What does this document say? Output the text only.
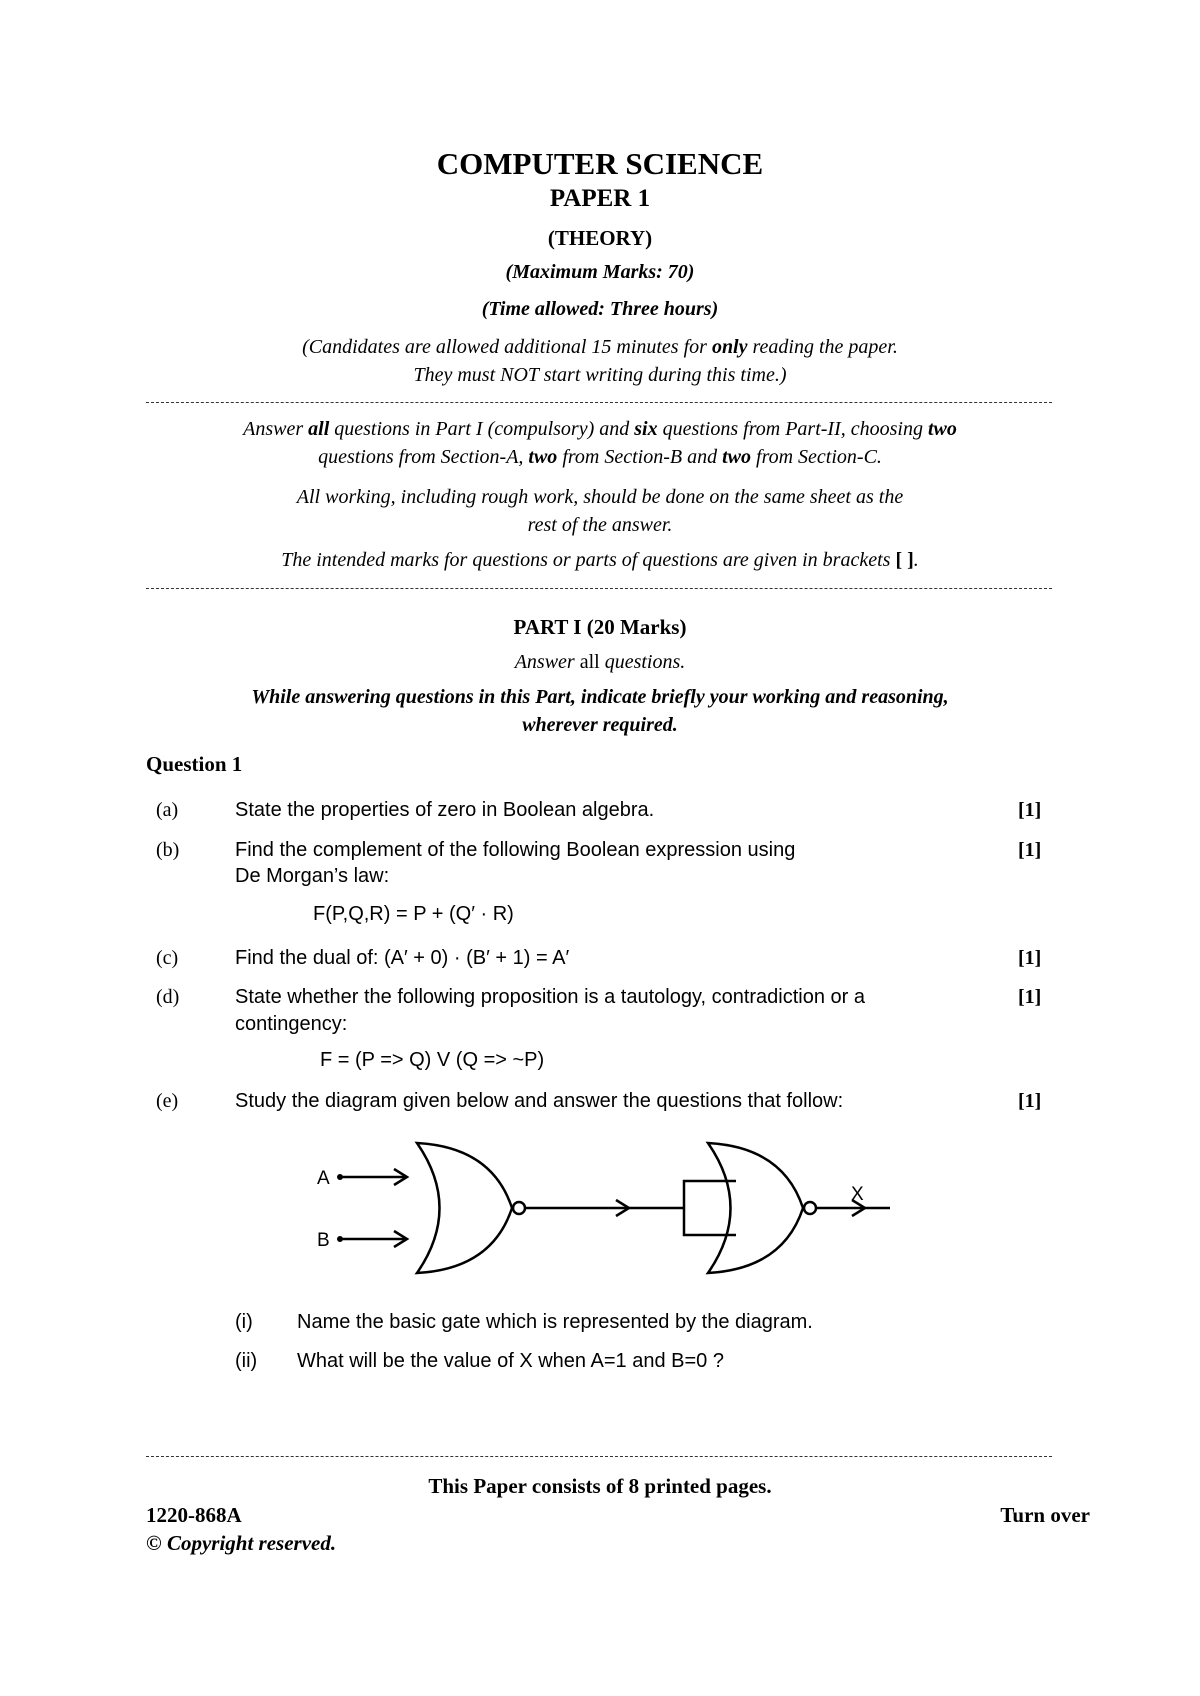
COMPUTER SCIENCE
PAPER 1
(THEORY)
(Maximum Marks: 70)
(Time allowed: Three hours)
(Candidates are allowed additional 15 minutes for only reading the paper.
They must NOT start writing during this time.)
Answer all questions in Part I (compulsory) and six questions from Part-II, choosing two
questions from Section-A, two from Section-B and two from Section-C.
All working, including rough work, should be done on the same sheet as the
rest of the answer.
The intended marks for questions or parts of questions are given in brackets [ ].
PART I (20 Marks)
Answer all questions.
While answering questions in this Part, indicate briefly your working and reasoning,
wherever required.
Question 1
(a)	State the properties of zero in Boolean algebra.	[1]
(b)	Find the complement of the following Boolean expression using
De Morgan’s law:
F(P,Q,R) = P + (Q′ · R)
[1]
(c)	Find the dual of: (A′ + 0) · (B′ + 1) = A′	[1]
(d)	State whether the following proposition is a tautology, contradiction or a
contingency:
F = (P => Q) V (Q => ~P)
[1]
(e)	Study the diagram given below and answer the questions that follow:	[1]
A
B
X
(i) Name the basic gate which is represented by the diagram.
(ii) What will be the value of X when A=1 and B=0 ?
This Paper consists of 8 printed pages.
1220-868A	Turn over
© Copyright reserved.
